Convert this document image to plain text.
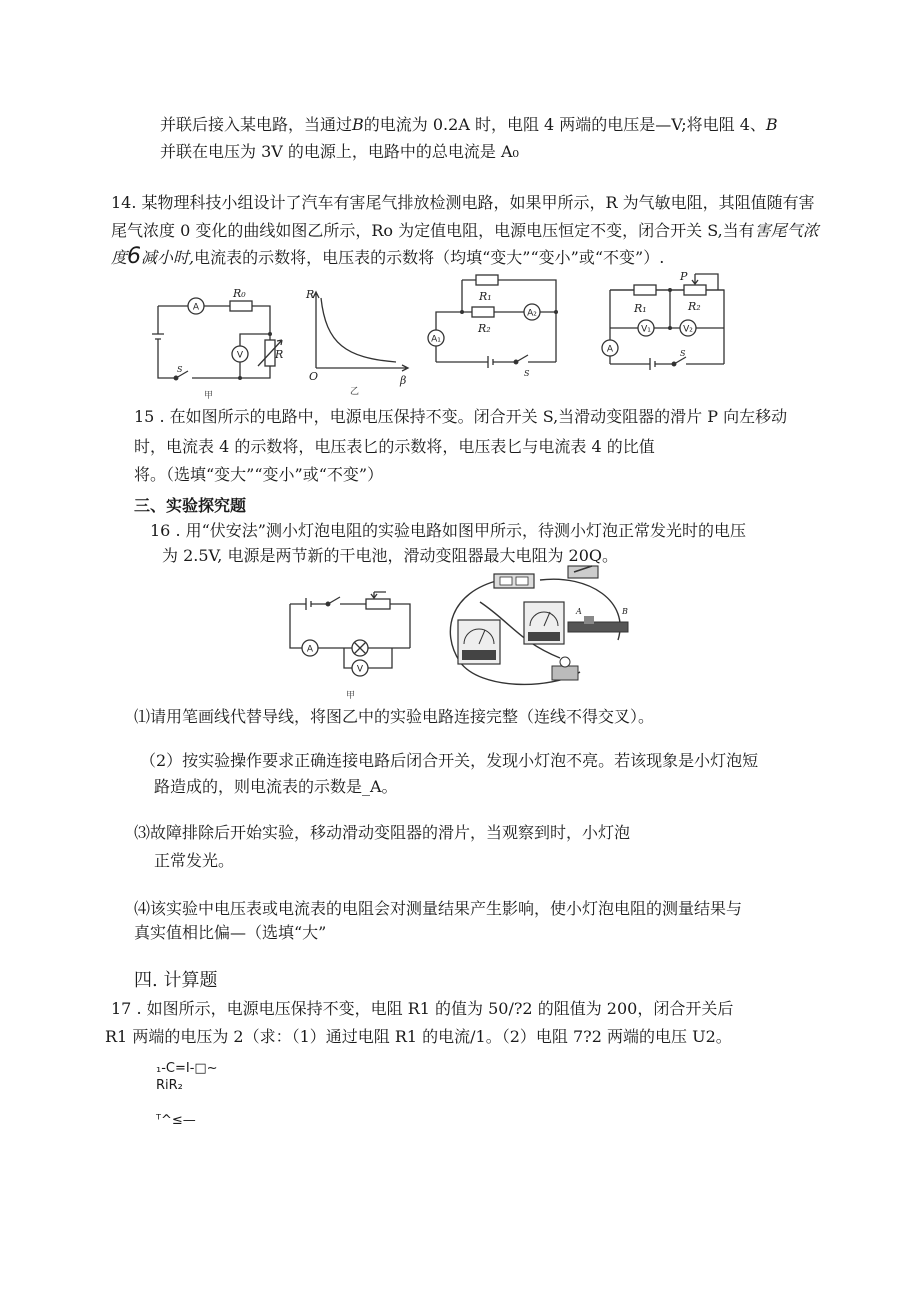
并联后接入某电路，当通过B的电流为 0.2A 时，电阻 4 两端的电压是—V;将电阻 4、B
并联在电压为 3V 的电源上，电路中的总电流是 A₀
14. 某物理科技小组设计了汽车有害尾气排放检测电路，如果甲所示，R 为气敏电阻，其阻值随有害
尾气浓度 0 变化的曲线如图乙所示，Ro 为定值电阻，电源电压恒定不变，闭合开关 S,当有害尾气浓
度6减小时,电流表的示数将，电压表的示数将（均填“变大”“变小”或“不变”）.
A
V
R₀
R
S
甲
R
β
O
乙
R₁
R₂
A₁
A₂
S
P
R₁	R₂
V₁	V₂
A	S
15 . 在如图所示的电路中，电源电压保持不变。闭合开关 S,当滑动变阻器的滑片 P 向左移动
时，电流表 4 的示数将，电压表匕的示数将，电压表匕与电流表 4 的比值
将。（选填“变大”“变小”或“不变”）
三、实验探究题
16 . 用“伏安法”测小灯泡电阻的实验电路如图甲所示，待测小灯泡正常发光时的电压
为 2.5V, 电源是两节新的干电池，滑动变阻器最大电阻为 20Q。
A
V
甲
A	B
⑴请用笔画线代替导线，将图乙中的实验电路连接完整（连线不得交叉）。
（2）按实验操作要求正确连接电路后闭合开关，发现小灯泡不亮。若该现象是小灯泡短
路造成的，则电流表的示数是_A。
⑶故障排除后开始实验，移动滑动变阻器的滑片，当观察到时，小灯泡
正常发光。
⑷该实验中电压表或电流表的电阻会对测量结果产生影响，使小灯泡电阻的测量结果与
真实值相比偏—（选填“大”
四. 计算题
17 . 如图所示，电源电压保持不变，电阻 R1 的值为 50/?2 的阻值为 200，闭合开关后
R1 两端的电压为 2（求：（1）通过电阻 R1 的电流/1。（2）电阻 7?2 两端的电压 U2。
₁-C=I-□~
RiR₂
ᵀ^≤—
